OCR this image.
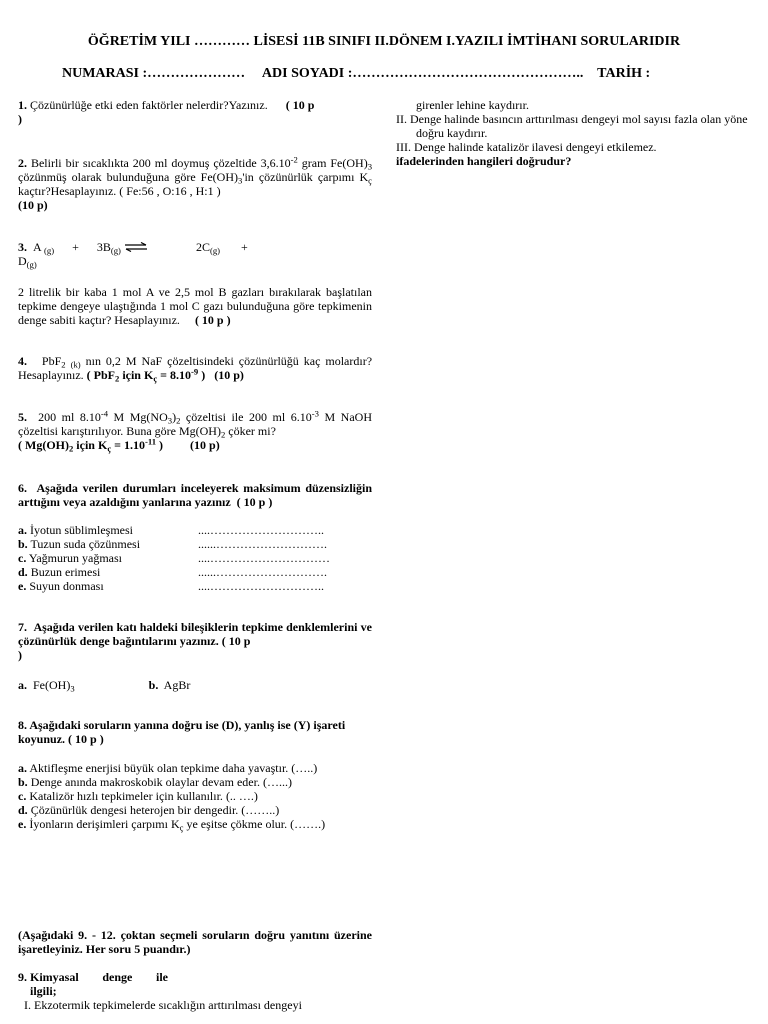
ÖĞRETİM YILI ………… LİSESİ 11B SINIFI II.DÖNEM I.YAZILI İMTİHANI SORULARIDIR
NUMARASI :………………… ADI SOYADI :………………………………………….. TARİH :
1. Çözünürlüğe etki eden faktörler nelerdir?Yazınız. ( 10 p
)
2. Belirli bir sıcaklıkta 200 ml doymuş çözeltide $3,6.10^{-2}$ gram $Fe(OH)_3$ çözünmüş olarak bulunduğuna göre $Fe(OH)_3'in$ çözünürlük çarpımı $K_ç$ kaçtır?Hesaplayınız. ( Fe:56 , O:16 , H:1 )
(10 p)
3. A $_{(g)} + 3B_{(g)}$ ⇌	$2C_{(g)}$ +
$D_{(g)}$
2 litrelik bir kaba 1 mol A ve 2,5 mol B gazları bırakılarak başlatılan tepkime dengeye ulaştığında 1 mol C gazı bulunduğuna göre tepkimenin denge sabiti kaçtır? Hesaplayınız. ( 10 p )
4. PbF$_2$ $_{(k)}$ nın 0,2 M NaF çözeltisindeki çözünürlüğü kaç molardır? Hesaplayınız. ( PbF$_2$ için $K_ç = 8.10^{-9}$ ) (10 p)
5. 200 ml $8.10^{-4}$ M $Mg(NO_3)_2$ çözeltisi ile 200 ml $6.10^{-3}$ M NaOH çözeltisi karıştırılıyor. Buna göre $Mg(OH)_2$ çöker mi?
( $Mg(OH)_2$ için $K_ç = 1.10^{-11}$ ) (10 p)
6. Aşağıda verilen durumları inceleyerek maksimum düzensizliğin arttığını veya azaldığını yanlarına yazınız ( 10 p )
a. İyotun süblimleşmesi	....………………………..
b. Tuzun suda çözünmesi	......……………………….
c. Yağmurun yağması	....…………………………
d. Buzun erimesi	......……………………….
e. Suyun donması	....………………………..
7. Aşağıda verilen katı haldeki bileşiklerin tepkime denklemlerini ve çözünürlük denge bağıntılarını yazınız. ( 10 p
)
a. $Fe(OH)_3$	b. AgBr
8. Aşağıdaki soruların yanına doğru ise (D), yanlış ise (Y) işareti koyunuz. ( 10 p )
a. Aktifleşme enerjisi büyük olan tepkime daha yavaştır. (…..)
b. Denge anında makroskobik olaylar devam eder. (…...)
c. Katalizör hızlı tepkimeler için kullanılır. (.. ….)
d. Çözünürlük dengesi heterojen bir dengedir. (……..)
e. İyonların derişimleri çarpımı $K_ç$ ye eşitse çökme olur. (…….)
(Aşağıdaki 9. - 12. çoktan seçmeli soruların doğru yanıtını üzerine işaretleyiniz. Her soru 5 puandır.)
9. Kimyasal denge ile
ilgili;
I. Ekzotermik tepkimelerde sıcaklığın arttırılması dengeyi
girenler lehine kaydırır.
II. Denge halinde basıncın arttırılması dengeyi mol sayısı fazla olan yöne doğru kaydırır.
III. Denge halinde katalizör ilavesi dengeyi etkilemez.
ifadelerinden hangileri doğrudur?
